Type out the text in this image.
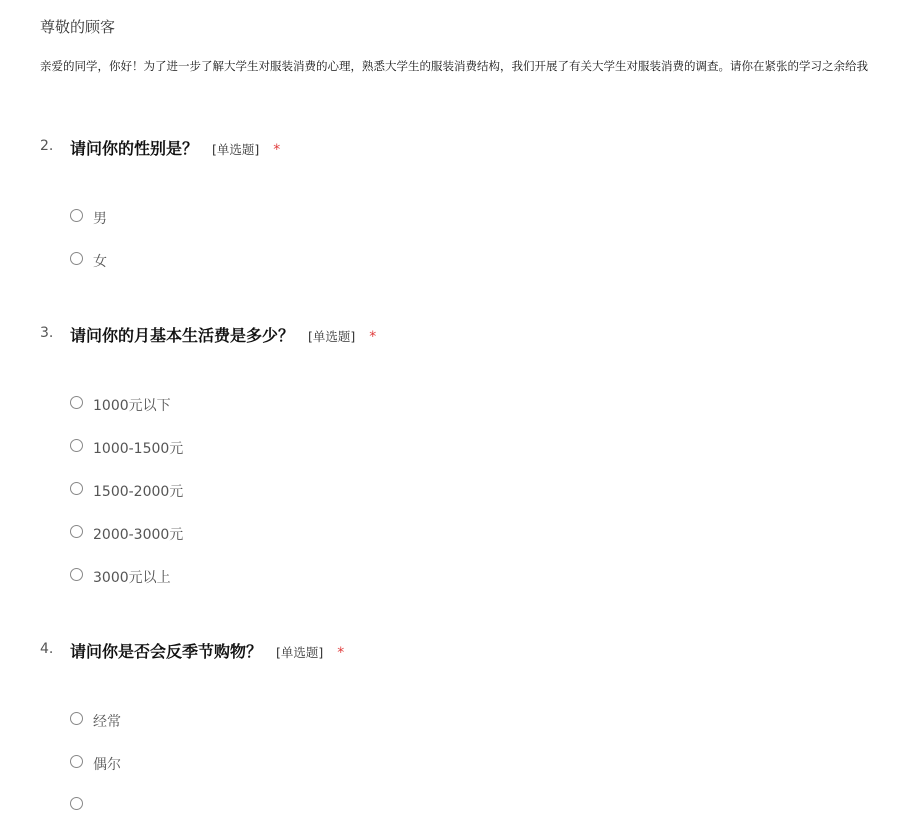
尊敬的顾客
亲爱的同学，你好！为了进一步了解大学生对服装消费的心理，熟悉大学生的服装消费结构，我们开展了有关大学生对服装消费的调查。请你在紧张的学习之余给我
2. 请问你的性别是？ [单选题] *
男
女
3. 请问你的月基本生活费是多少？ [单选题] *
1000元以下
1000-1500元
1500-2000元
2000-3000元
3000元以上
4. 请问你是否会反季节购物？ [单选题] *
经常
偶尔
